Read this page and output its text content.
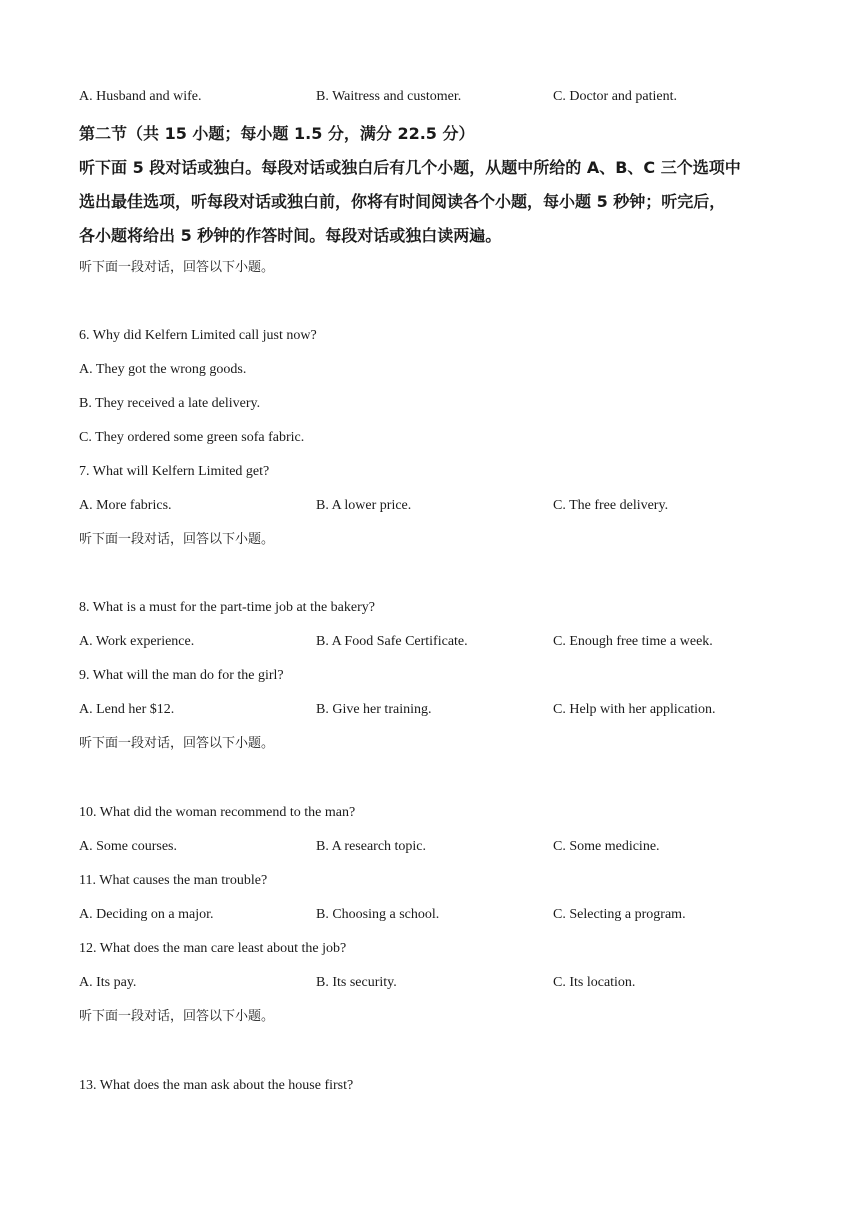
A. Husband and wife.	B. Waitress and customer.	C. Doctor and patient.
第二节（共 15 小题；每小题 1.5 分，满分 22.5 分）
听下面 5 段对话或独白。每段对话或独白后有几个小题，从题中所给的 A、B、C 三个选项中
选出最佳选项，听每段对话或独白前，你将有时间阅读各个小题，每小题 5 秒钟；听完后，
各小题将给出 5 秒钟的作答时间。每段对话或独白读两遍。
听下面一段对话，回答以下小题。
6. Why did Kelfern Limited call just now?
A. They got the wrong goods.
B. They received a late delivery.
C. They ordered some green sofa fabric.
7. What will Kelfern Limited get?
A. More fabrics.	B. A lower price.	C. The free delivery.
听下面一段对话，回答以下小题。
8. What is a must for the part-time job at the bakery?
A. Work experience.	B. A Food Safe Certificate.	C. Enough free time a week.
9. What will the man do for the girl?
A. Lend her $12.	B. Give her training.	C. Help with her application.
听下面一段对话，回答以下小题。
10. What did the woman recommend to the man?
A. Some courses.	B. A research topic.	C. Some medicine.
11. What causes the man trouble?
A. Deciding on a major.	B. Choosing a school.	C. Selecting a program.
12. What does the man care least about the job?
A. Its pay.	B. Its security.	C. Its location.
听下面一段对话，回答以下小题。
13. What does the man ask about the house first?
